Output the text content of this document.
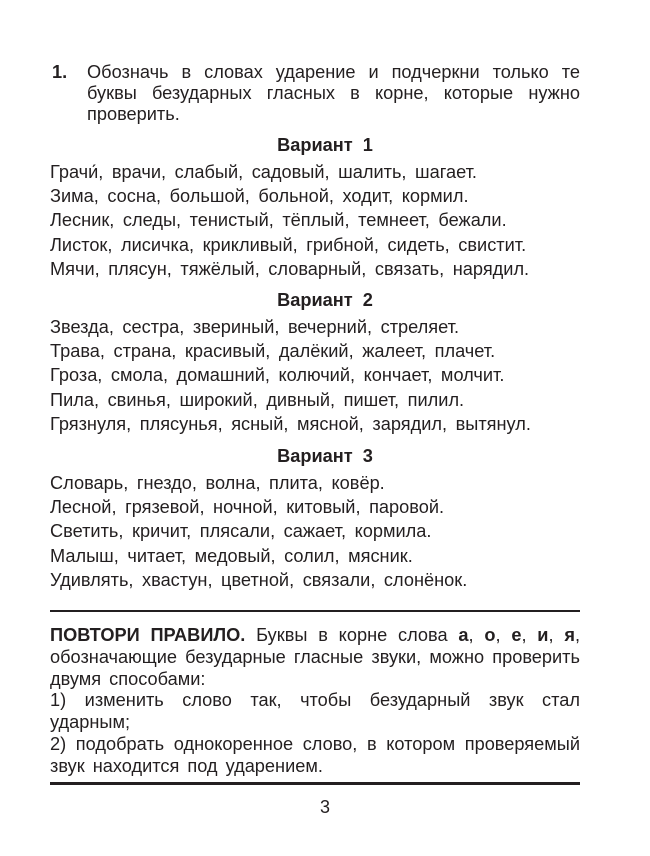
1. Обозначь в словах ударение и подчеркни только те буквы безударных гласных в корне, которые нужно проверить.
Вариант 1
Грачи́, врачи, слабый, садовый, шалить, шагает.
Зима, сосна, большой, больной, ходит, кормил.
Лесник, следы, тенистый, тёплый, темнеет, бежали.
Листок, лисичка, крикливый, грибной, сидеть, свистит.
Мячи, плясун, тяжёлый, словарный, связать, нарядил.
Вариант 2
Звезда, сестра, звериный, вечерний, стреляет.
Трава, страна, красивый, далёкий, жалеет, плачет.
Гроза, смола, домашний, колючий, кончает, молчит.
Пила, свинья, широкий, дивный, пишет, пилил.
Грязнуля, плясунья, ясный, мясной, зарядил, вытянул.
Вариант 3
Словарь, гнездо, волна, плита, ковёр.
Лесной, грязевой, ночной, китовый, паровой.
Светить, кричит, плясали, сажает, кормила.
Малыш, читает, медовый, солил, мясник.
Удивлять, хвастун, цветной, связали, слонёнок.

ПОВТОРИ ПРАВИЛО. Буквы в корне слова а, о, е, и, я, обозначающие безударные гласные звуки, можно проверить двумя способами:

1) изменить слово так, чтобы безударный звук стал ударным;

2) подобрать однокоренное слово, в котором проверяемый звук находится под ударением.

3
